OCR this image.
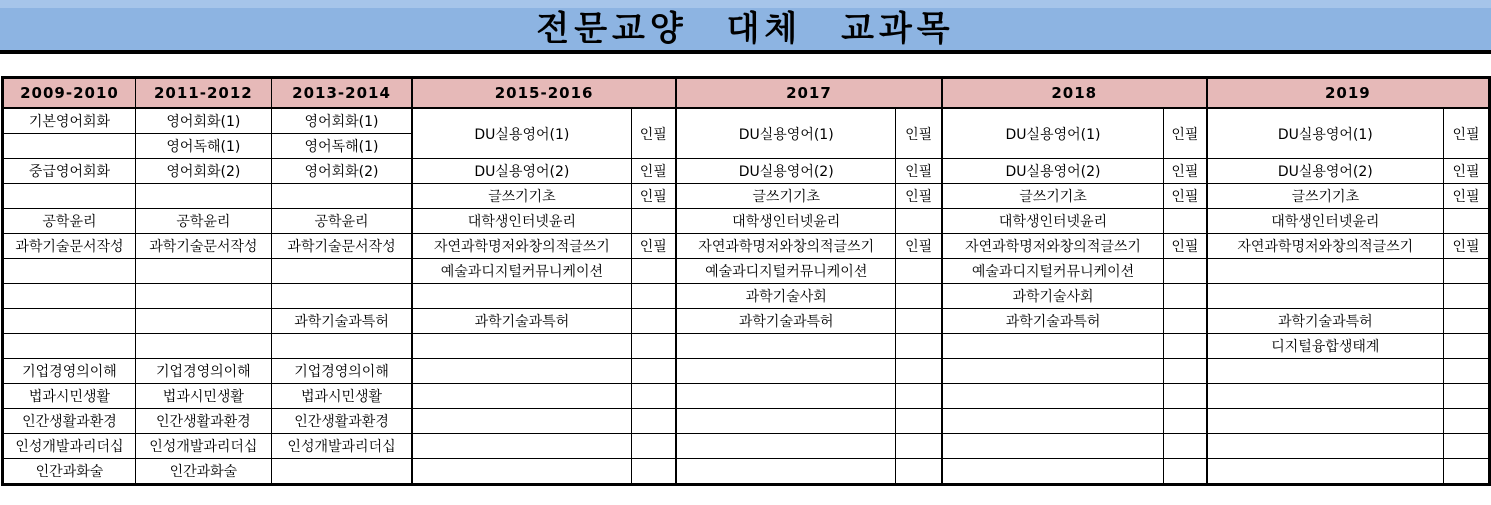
전문교양 대체 교과목
2009-2010	2011-2012	2013-2014	2015-2016		2017		2018		2019	
기본영어회화	영어회화(1)	영어회화(1)	DU실용영어(1)	인필	DU실용영어(1)	인필	DU실용영어(1)	인필	DU실용영어(1)	인필
	영어독해(1)	영어독해(1)								
중급영어회화	영어회화(2)	영어회화(2)	DU실용영어(2)	인필	DU실용영어(2)	인필	DU실용영어(2)	인필	DU실용영어(2)	인필
			글쓰기기초	인필	글쓰기기초	인필	글쓰기기초	인필	글쓰기기초	인필
공학윤리	공학윤리	공학윤리	대학생인터넷윤리		대학생인터넷윤리		대학생인터넷윤리		대학생인터넷윤리	
과학기술문서작성	과학기술문서작성	과학기술문서작성	자연과학명저와창의적글쓰기	인필	자연과학명저와창의적글쓰기	인필	자연과학명저와창의적글쓰기	인필	자연과학명저와창의적글쓰기	인필
			예술과디지털커뮤니케이션		예술과디지털커뮤니케이션		예술과디지털커뮤니케이션			
					과학기술사회		과학기술사회			
		과학기술과특허	과학기술과특허		과학기술과특허		과학기술과특허		과학기술과특허	
									디지털융합생태계	
기업경영의이해	기업경영의이해	기업경영의이해								
법과시민생활	법과시민생활	법과시민생활								
인간생활과환경	인간생활과환경	인간생활과환경								
인성개발과리더십	인성개발과리더십	인성개발과리더십								
인간과화술	인간과화술									
